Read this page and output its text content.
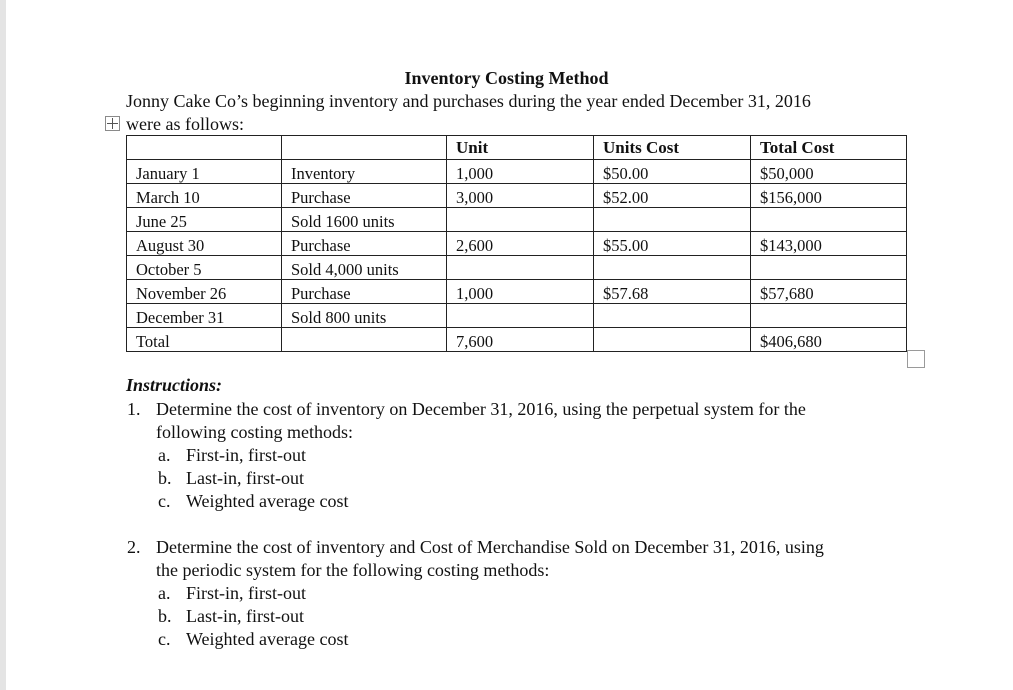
Inventory Costing Method
Jonny Cake Co’s beginning inventory and purchases during the year ended December 31, 2016
were as follows:
		Unit	Units Cost	Total Cost
January 1	Inventory	1,000	$50.00	$50,000
March 10	Purchase	3,000	$52.00	$156,000
June 25	Sold 1600 units			
August 30	Purchase	2,600	$55.00	$143,000
October 5	Sold 4,000 units			
November 26	Purchase	1,000	$57.68	$57,680
December 31	Sold 800 units			
Total		7,600		$406,680
Instructions:
1. Determine the cost of inventory on December 31, 2016, using the perpetual system for the
following costing methods:
a. First-in, first-out
b. Last-in, first-out
c. Weighted average cost
2. Determine the cost of inventory and Cost of Merchandise Sold on December 31, 2016, using
the periodic system for the following costing methods:
a. First-in, first-out
b. Last-in, first-out
c. Weighted average cost
